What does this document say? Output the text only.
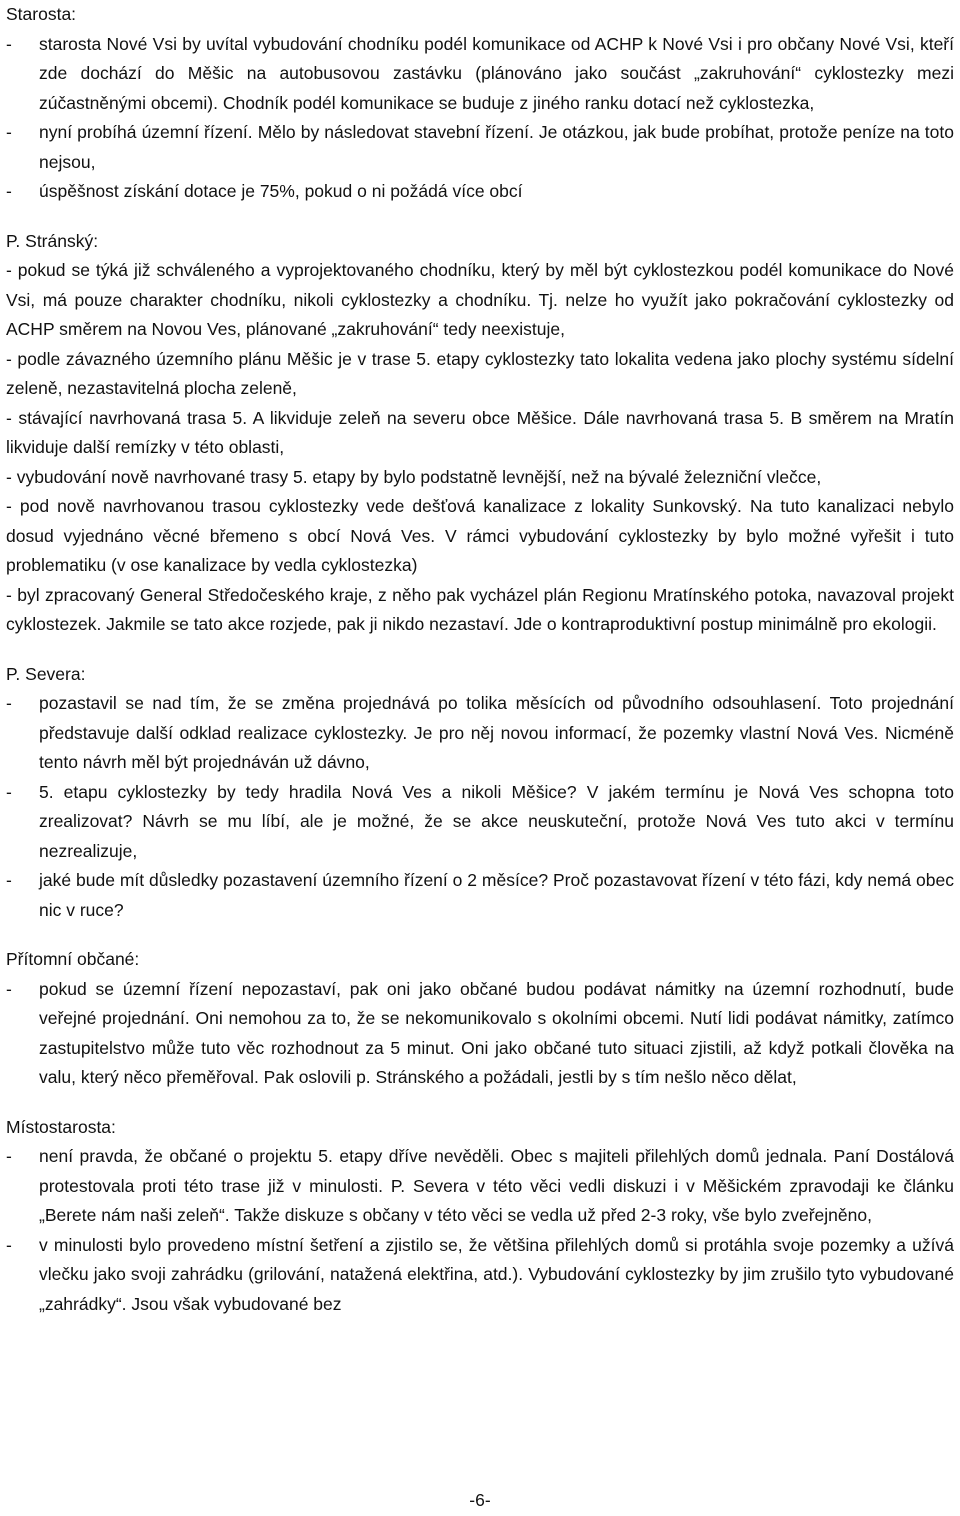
Starosta:

- starosta Nové Vsi by uvítal vybudování chodníku podél komunikace od ACHP k Nové Vsi i pro občany Nové Vsi, kteří zde dochází do Měšic na autobusovou zastávku (plánováno jako součást „zakruhování“ cyklostezky mezi zúčastněnými obcemi). Chodník podél komunikace se buduje z jiného ranku dotací než cyklostezka,
- nyní probíhá územní řízení. Mělo by následovat stavební řízení. Je otázkou, jak bude probíhat, protože peníze na toto nejsou,
- úspěšnost získání dotace je 75%, pokud o ni požádá více obcí

P. Stránský:

- pokud se týká již schváleného a vyprojektovaného chodníku, který by měl být cyklostezkou podél komunikace do Nové Vsi, má pouze charakter chodníku, nikoli cyklostezky a chodníku. Tj. nelze ho využít jako pokračování cyklostezky od ACHP směrem na Novou Ves, plánované „zakruhování“ tedy neexistuje,

- podle závazného územního plánu Měšic je v trase 5. etapy cyklostezky tato lokalita vedena jako plochy systému sídelní zeleně, nezastavitelná plocha zeleně,

- stávající navrhovaná trasa 5. A likviduje zeleň na severu obce Měšice. Dále navrhovaná trasa 5. B směrem na Mratín likviduje další remízky v této oblasti,

- vybudování nově navrhované trasy 5. etapy by bylo podstatně levnější, než na bývalé železniční vlečce,

- pod nově navrhovanou trasou cyklostezky vede dešťová kanalizace z lokality Sunkovský. Na tuto kanalizaci nebylo dosud vyjednáno věcné břemeno s obcí Nová Ves. V rámci vybudování cyklostezky by bylo možné vyřešit i tuto problematiku (v ose kanalizace by vedla cyklostezka)

- byl zpracovaný General Středočeského kraje, z něho pak vycházel plán Regionu Mratínského potoka, navazoval projekt cyklostezek. Jakmile se tato akce rozjede, pak ji nikdo nezastaví. Jde o kontraproduktivní postup minimálně pro ekologii.

P. Severa:

- pozastavil se nad tím, že se změna projednává po tolika měsících od původního odsouhlasení. Toto projednání představuje další odklad realizace cyklostezky. Je pro něj novou informací, že pozemky vlastní Nová Ves. Nicméně tento návrh měl být projednáván už dávno,
- 5. etapu cyklostezky by tedy hradila Nová Ves a nikoli Měšice? V jakém termínu je Nová Ves schopna toto zrealizovat? Návrh se mu líbí, ale je možné, že se akce neuskuteční, protože Nová Ves tuto akci v termínu nezrealizuje,
- jaké bude mít důsledky pozastavení územního řízení o 2 měsíce? Proč pozastavovat řízení v této fázi, kdy nemá obec nic v ruce?

Přítomní občané:

- pokud se územní řízení nepozastaví, pak oni jako občané budou podávat námitky na územní rozhodnutí, bude veřejné projednání. Oni nemohou za to, že se nekomunikovalo s okolními obcemi. Nutí lidi podávat námitky, zatímco zastupitelstvo může tuto věc rozhodnout za 5 minut. Oni jako občané tuto situaci zjistili, až když potkali člověka na valu, který něco přeměřoval. Pak oslovili p. Stránského a požádali, jestli by s tím nešlo něco dělat,

Místostarosta:

- není pravda, že občané o projektu 5. etapy dříve nevěděli. Obec s majiteli přilehlých domů jednala. Paní Dostálová protestovala proti této trase již v minulosti. P. Severa v této věci vedli diskuzi i v Měšickém zpravodaji ke článku „Berete nám naši zeleň“. Takže diskuze s občany v této věci se vedla už před 2-3 roky, vše bylo zveřejněno,
- v minulosti bylo provedeno místní šetření a zjistilo se, že většina přilehlých domů si protáhla svoje pozemky a užívá vlečku jako svoji zahrádku (grilování, natažená elektřina, atd.). Vybudování cyklostezky by jim zrušilo tyto vybudované „zahrádky“. Jsou však vybudované bez
-6-
